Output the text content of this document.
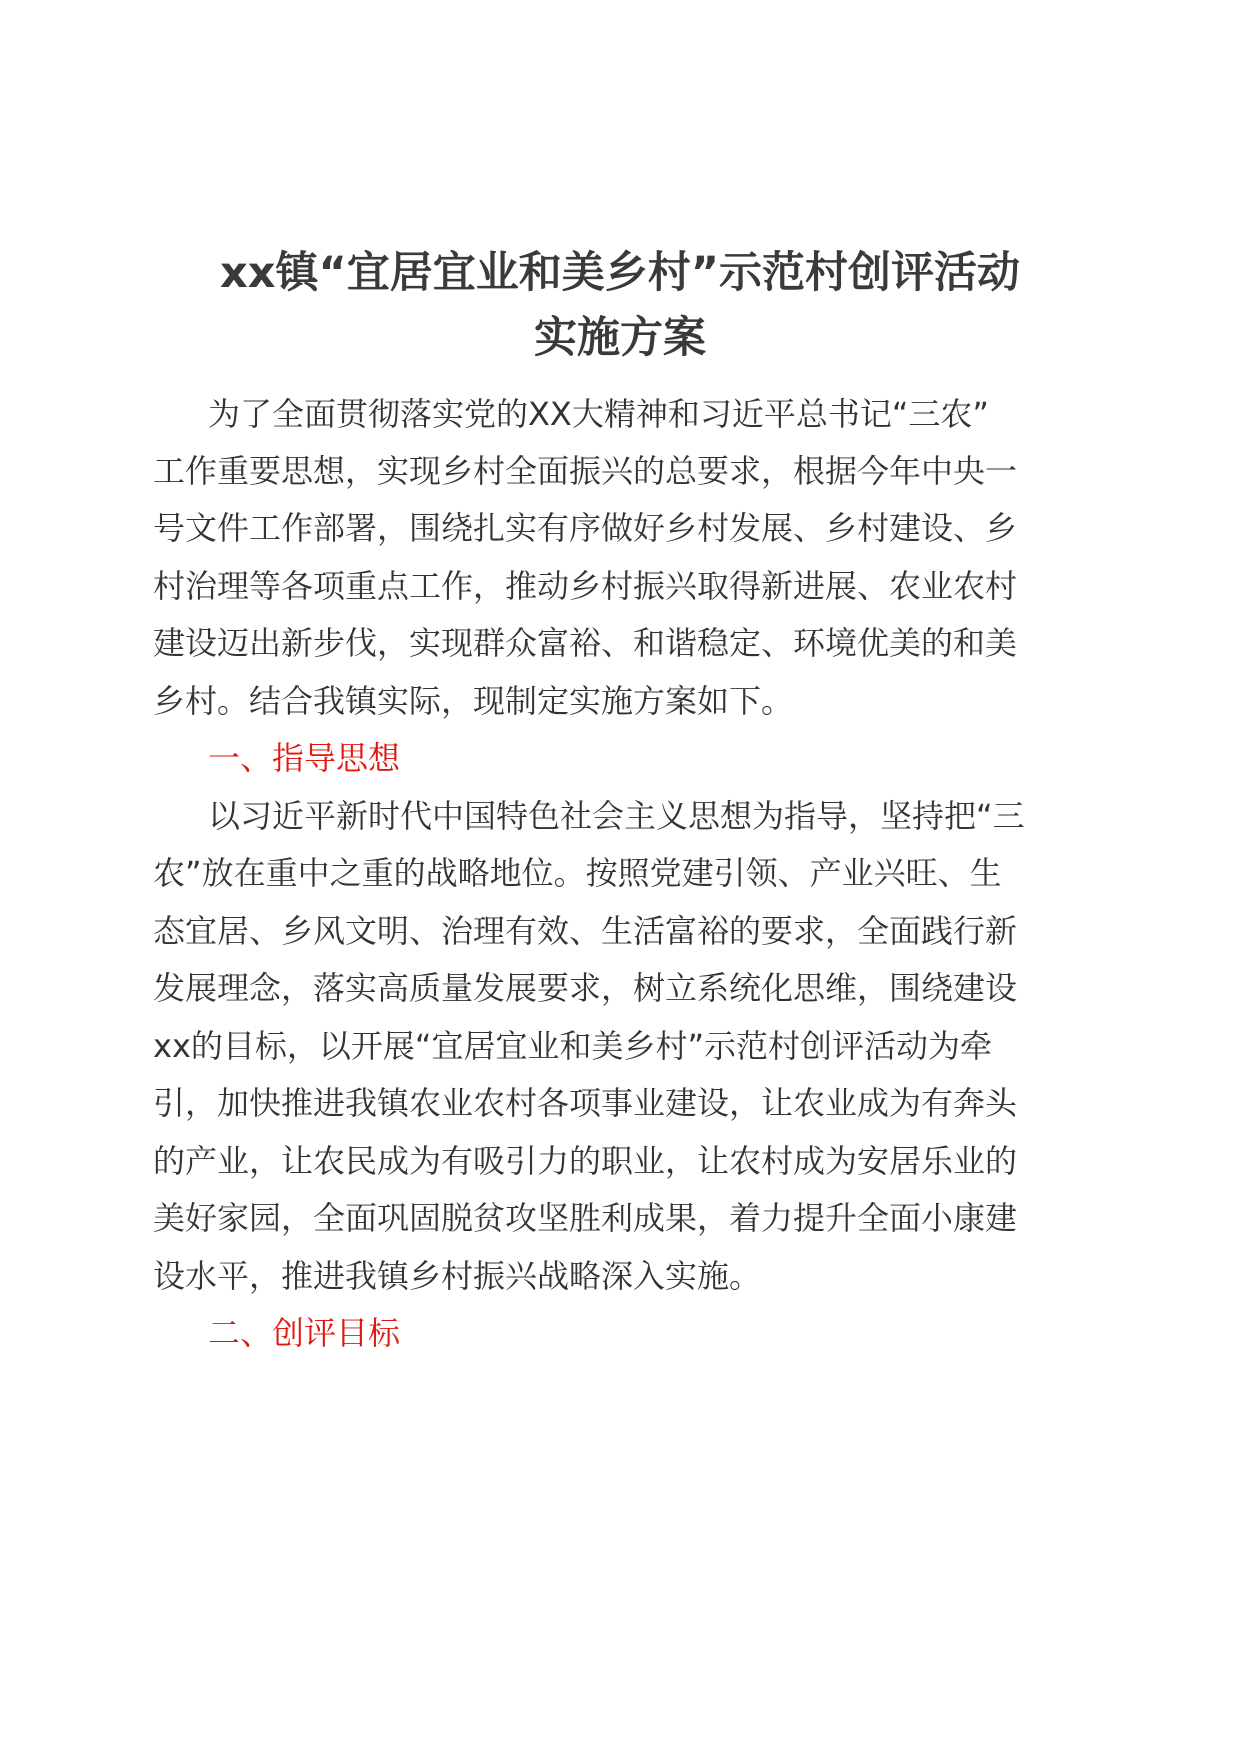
xx镇“宜居宜业和美乡村”示范村创评活动
实施方案
为了全面贯彻落实党的XX大精神和习近平总书记“三农”
工作重要思想，实现乡村全面振兴的总要求，根据今年中央一
号文件工作部署，围绕扎实有序做好乡村发展、乡村建设、乡
村治理等各项重点工作，推动乡村振兴取得新进展、农业农村
建设迈出新步伐，实现群众富裕、和谐稳定、环境优美的和美
乡村。结合我镇实际，现制定实施方案如下。
一、指导思想
以习近平新时代中国特色社会主义思想为指导，坚持把“三
农”放在重中之重的战略地位。按照党建引领、产业兴旺、生
态宜居、乡风文明、治理有效、生活富裕的要求，全面践行新
发展理念，落实高质量发展要求，树立系统化思维，围绕建设
xx的目标，以开展“宜居宜业和美乡村”示范村创评活动为牵
引，加快推进我镇农业农村各项事业建设，让农业成为有奔头
的产业，让农民成为有吸引力的职业，让农村成为安居乐业的
美好家园，全面巩固脱贫攻坚胜利成果，着力提升全面小康建
设水平，推进我镇乡村振兴战略深入实施。
二、创评目标
